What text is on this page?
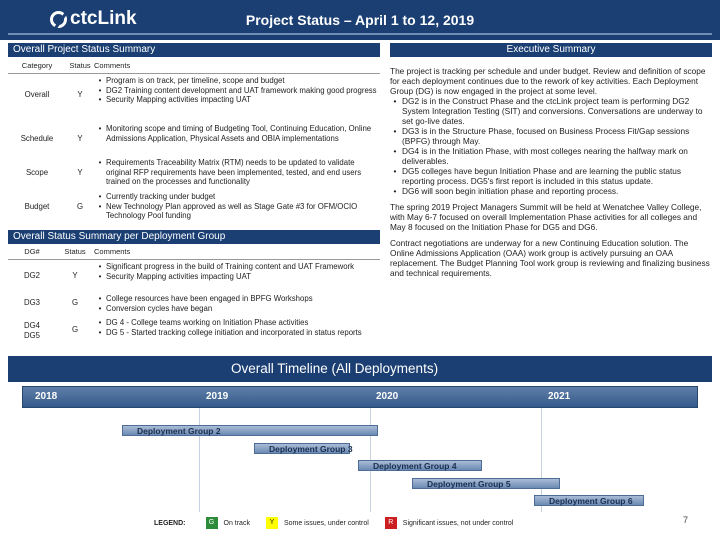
ctcLink	Project Status – April 1 to 12, 2019
Overall Project Status Summary	Executive Summary
Category	Status Comments
Overall	Y
• Program is on track, per timeline, scope and budget
• DG2 Training content development and UAT framework making good progress
• Security Mapping activities impacting UAT
Schedule	Y
• Monitoring scope and timing of Budgeting Tool, Continuing Education, Online Admissions Application, Physical Assets and OBIA implementations
Scope	Y
• Requirements Traceability Matrix (RTM) needs to be updated to validate original RFP requirements have been implemented, tested, and end users trained on the processes and functionality
Budget	G
• Currently tracking under budget
• New Technology Plan approved as well as Stage Gate #3 for OFM/OCIO Technology Pool funding
Overall Status Summary per Deployment Group
DG#	Status	Comments
DG2	Y
• Significant progress in the build of Training content and UAT Framework
• Security Mapping activities impacting UAT
DG3	G	• College resources have been engaged in BPFG Workshops
• Conversion cycles have began
DG4 DG5
G
• DG 4 - College teams working on Initiation Phase activities
• DG 5 - Started tracking college initiation and incorporated in status reports

The project is tracking per schedule and under budget. Review and definition of scope for each deployment continues due to the rework of key activities. Each Deployment Group (DG) is now engaged in the project at some level.

• DG2 is in the Construct Phase and the ctcLink project team is performing DG2 System Integration Testing (SIT) and conversions. Conversations are underway to set go-live dates.
• DG3 is in the Structure Phase, focused on Business Process Fit/Gap sessions (BPFG) through May.
• DG4 is in the Initiation Phase, with most colleges nearing the halfway mark on deliverables.
• DG5 colleges have begun Initiation Phase and are learning the public status reporting process. DG5's first report is included in this status update.
• DG6 will soon begin initiation phase and reporting process.

The spring 2019 Project Managers Summit will be held at Wenatchee Valley College, with May 6-7 focused on overall Implementation Phase activities for all colleges and May 8 focused on the Initiation Phase for DG5 and DG6.

Contract negotiations are underway for a new Continuing Education solution. The Online Admissions Application (OAA) work group is actively pursuing an OAA replacement. The Budget Planning Tool work group is reviewing and finalizing business and technical requirements.

Overall Timeline (All Deployments)
2018	2019	2020	2021
Deployment Group 2
Deployment Group 3
Deployment Group 4
Deployment Group 5
Deployment Group 6
LEGEND:	G	On track	Y	Some issues, under control	R	Significant issues, not under control	7
